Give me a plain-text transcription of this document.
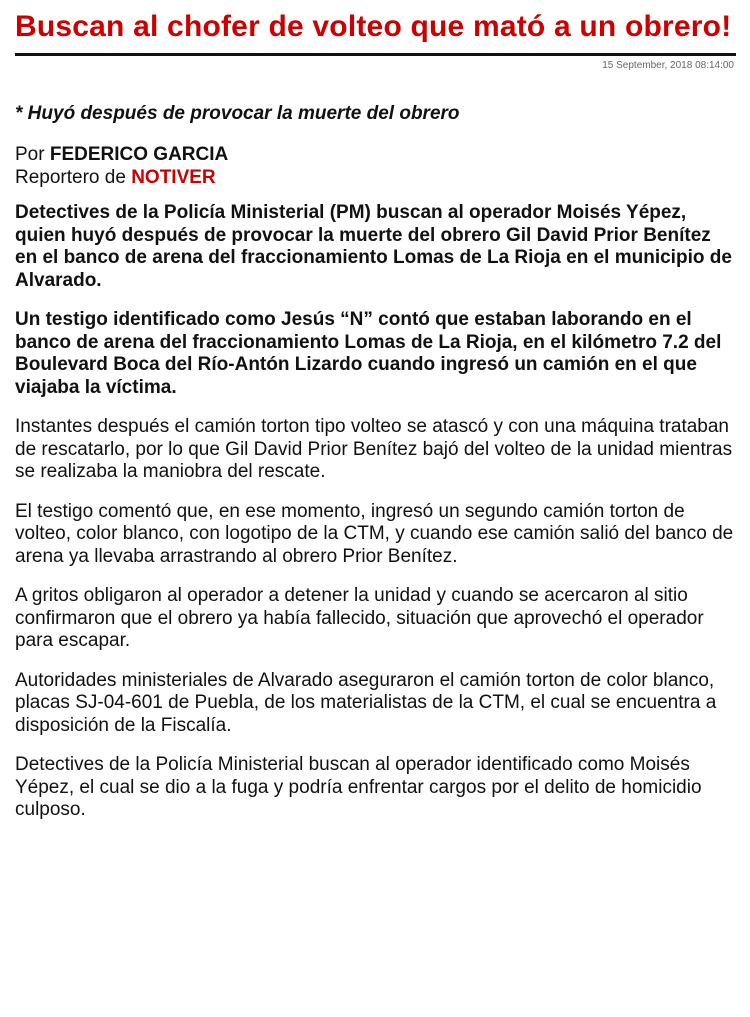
Buscan al chofer de volteo que mató a un obrero!
15 September, 2018 08:14:00
* Huyó después de provocar la muerte del obrero
Por FEDERICO GARCIA
Reportero de NOTIVER

Detectives de la Policía Ministerial (PM) buscan al operador Moisés Yépez, quien huyó después de provocar la muerte del obrero Gil David Prior Benítez en el banco de arena del fraccionamiento Lomas de La Rioja en el municipio de Alvarado.

Un testigo identificado como Jesús “N” contó que estaban laborando en el banco de arena del fraccionamiento Lomas de La Rioja, en el kilómetro 7.2 del Boulevard Boca del Río-Antón Lizardo cuando ingresó un camión en el que viajaba la víctima.

Instantes después el camión torton tipo volteo se atascó y con una máquina trataban de rescatarlo, por lo que Gil David Prior Benítez bajó del volteo de la unidad mientras se realizaba la maniobra del rescate.

El testigo comentó que, en ese momento, ingresó un segundo camión torton de volteo, color blanco, con logotipo de la CTM, y cuando ese camión salió del banco de arena ya llevaba arrastrando al obrero Prior Benítez.

A gritos obligaron al operador a detener la unidad y cuando se acercaron al sitio confirmaron que el obrero ya había fallecido, situación que aprovechó el operador para escapar.

Autoridades ministeriales de Alvarado aseguraron el camión torton de color blanco, placas SJ-04-601 de Puebla, de los materialistas de la CTM, el cual se encuentra a disposición de la Fiscalía.

Detectives de la Policía Ministerial buscan al operador identificado como Moisés Yépez, el cual se dio a la fuga y podría enfrentar cargos por el delito de homicidio culposo.
